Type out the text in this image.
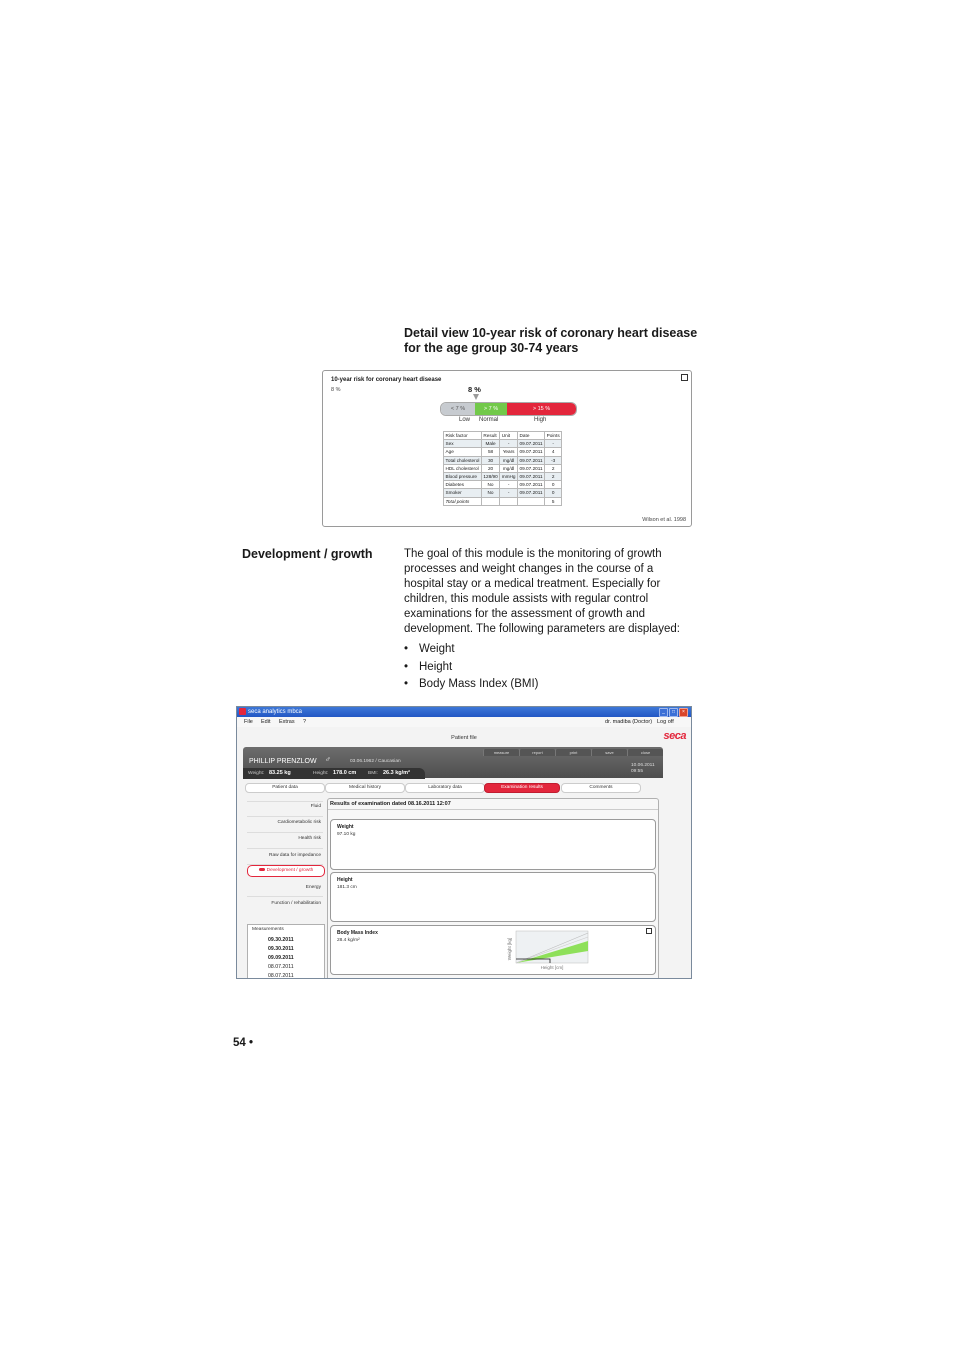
Detail view 10-year risk of coronary heart disease
for the age group 30-74 years
10-year risk for coronary heart disease
8 %	8 %
< 7 %	> 7 %	> 15 %
Low Normal	High
Risk factor	Result	Unit	Date	Points
Sex	Male	-	09.07.2011	-
Age	58	Years	09.07.2011	4
Total cholesterol	30	mg/dl	09.07.2011	-3
HDL cholesterol	20	mg/dl	09.07.2011	2
Blood pressure	128/90	mmHg	09.07.2011	2
Diabetes	No	-	09.07.2011	0
Smoker	No	-	09.07.2011	0
Total points				5
Wilson et al. 1998
Development / growth	The goal of this module is the monitoring of growth
processes and weight changes in the course of a
hospital stay or a medical treatment. Especially for
children, this module assists with regular control
examinations for the assessment of growth and
development. The following parameters are displayed:
• Weight
• Height
• Body Mass Index (BMI)
seca analytics mbca	_	□	×
File Edit Extras ?	dr. madiba (Doctor) Log off
Patient file	seca
measure	report	print	save	close
PHILLIP PRENZLOW ♂	03.06.1962 / Caucasian
10.06.2011
09:55
Weight: 83.25 kg	Height: 178.0 cm BMI: 26.3 kg/m²
Patient data	Medical history	Laboratory data	Examination results	Comments
Fluid
Cardiometabolic risk
Health risk
Raw data for impedance
Development / growth
Energy
Function / rehabilitation
Measurements
09.30.2011
09.30.2011
09.09.2011
08.07.2011
08.07.2011
Results of examination dated 08.16.2011 12:07
Weight
97.10 kg
Height
181.3 cm
Body Mass Index
28.4 kg/m²	Weight [kg]
Height [cm]
54 •
